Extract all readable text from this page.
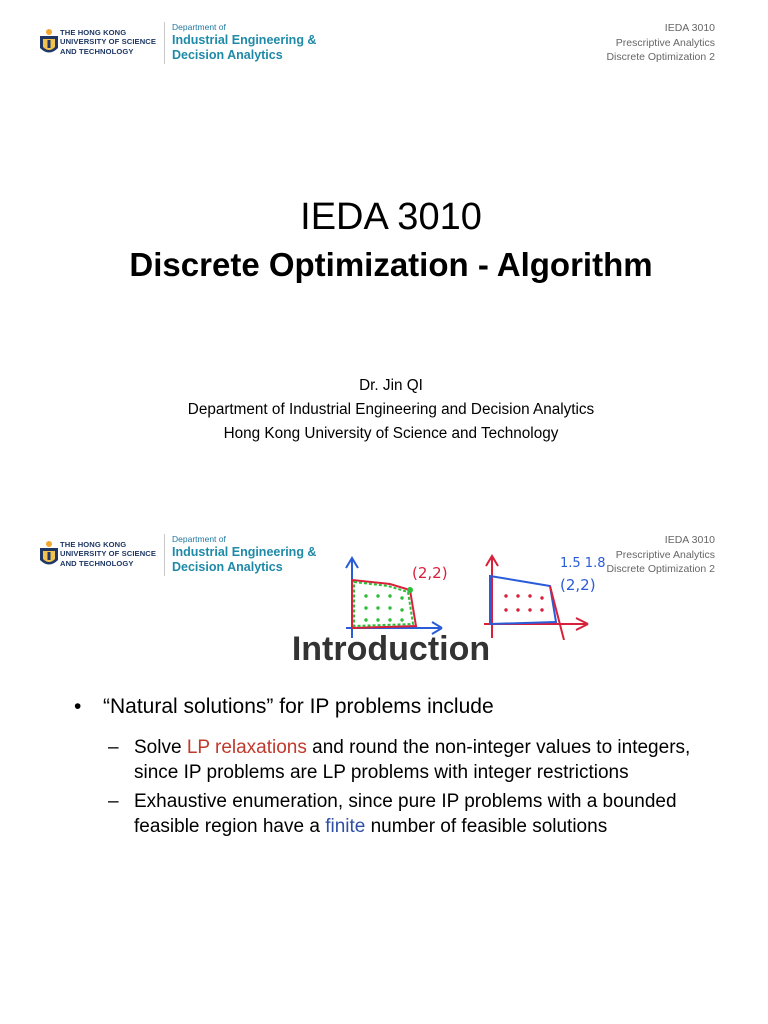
THE HONG KONG
UNIVERSITY OF SCIENCE
AND TECHNOLOGY
Department of
Industrial Engineering &
Decision Analytics
IEDA 3010
Prescriptive Analytics
Discrete Optimization 2
IEDA 3010
Discrete Optimization - Algorithm
Dr. Jin QI
Department of Industrial Engineering and Decision Analytics
Hong Kong University of Science and Technology
THE HONG KONG
UNIVERSITY OF SCIENCE
AND TECHNOLOGY
Department of
Industrial Engineering &
Decision Analytics
IEDA 3010
Prescriptive Analytics
Discrete Optimization 2
(2,2)
1.5 1.8
(2,2)
Introduction
• “Natural solutions” for IP problems include
– Solve LP relaxations and round the non-integer values to integers, since IP problems are LP problems with integer restrictions
– Exhaustive enumeration, since pure IP problems with a bounded feasible region have a finite number of feasible solutions
